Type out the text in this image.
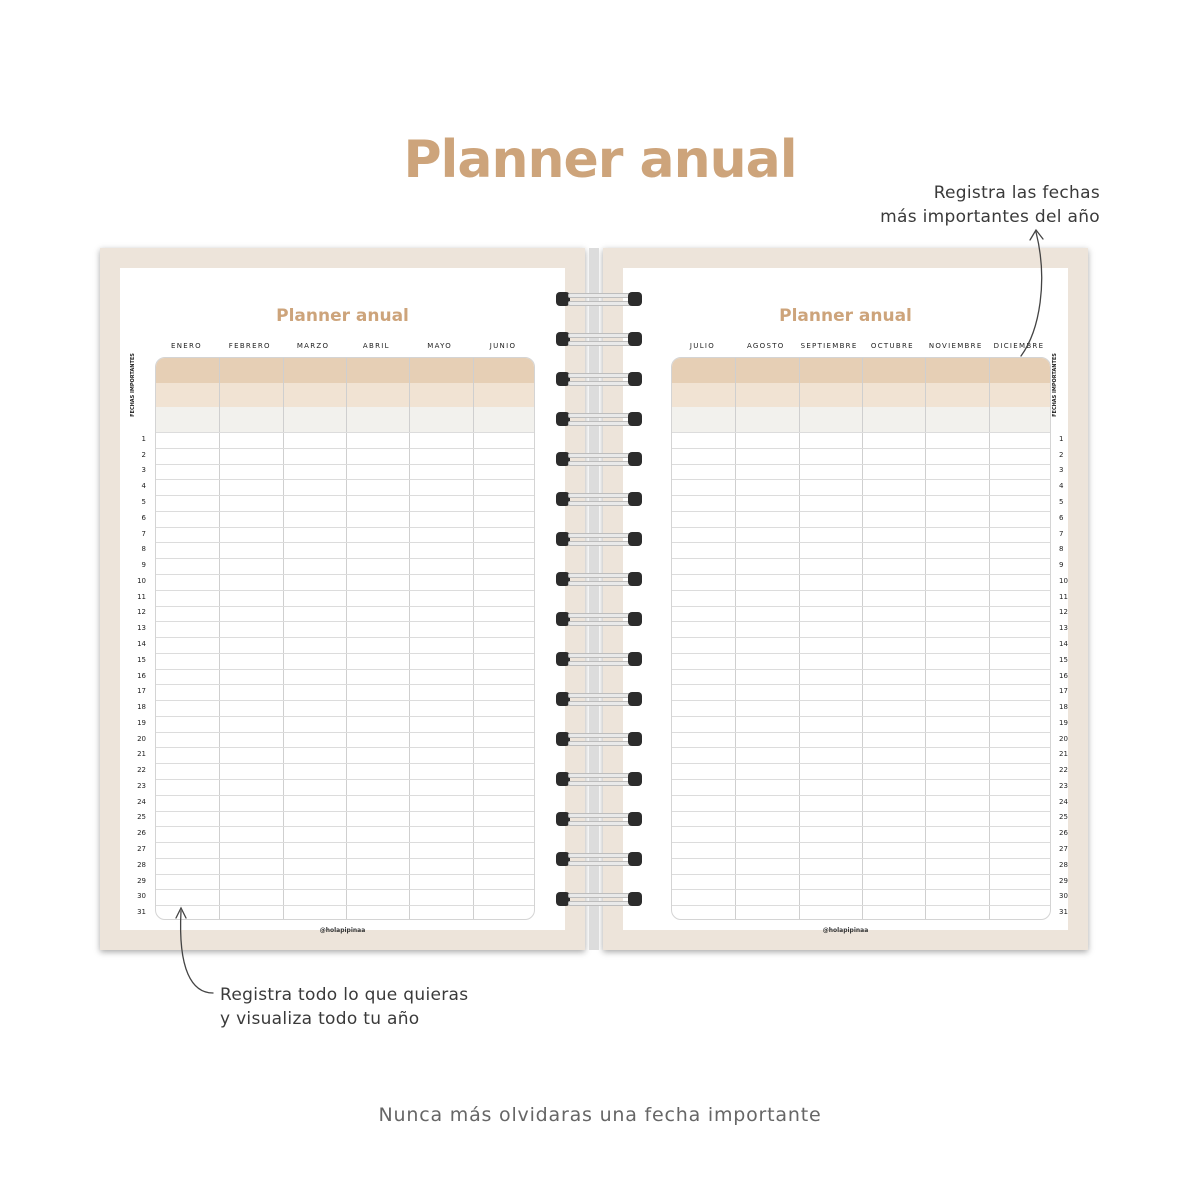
Planner anual
Registra las fechas
más importantes del año
Planner anual
ENERO	FEBRERO	MARZO	ABRIL	MAYO	JUNIO
FECHAS IMPORTANTES
1
2
3
4
5
6
7
8
9
10
11
12
13
14
15
16
17
18
19
20
21
22
23
24
25
26
27
28
29
30
31
@holapipinaa
Planner anual
JULIO	AGOSTO	SEPTIEMBRE	OCTUBRE	NOVIEMBRE	DICIEMBRE
FECHAS IMPORTANTES
1
2
3
4
5
6
7
8
9
10
11
12
13
14
15
16
17
18
19
20
21
22
23
24
25
26
27
28
29
30
31
@holapipinaa
Registra todo lo que quieras
y visualiza todo tu año
Nunca más olvidaras una fecha importante
